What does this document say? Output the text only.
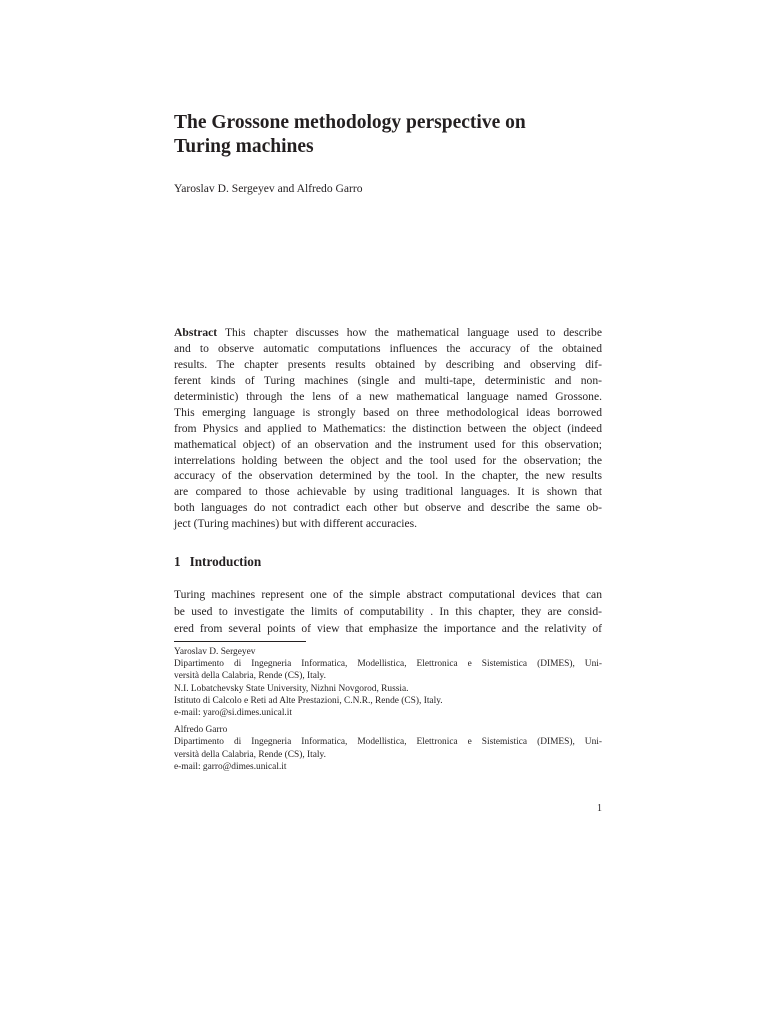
The Grossone methodology perspective on
Turing machines
Yaroslav D. Sergeyev and Alfredo Garro
Abstract This chapter discusses how the mathematical language used to describe
and to observe automatic computations influences the accuracy of the obtained
results. The chapter presents results obtained by describing and observing dif-
ferent kinds of Turing machines (single and multi-tape, deterministic and non-
deterministic) through the lens of a new mathematical language named Grossone.
This emerging language is strongly based on three methodological ideas borrowed
from Physics and applied to Mathematics: the distinction between the object (indeed
mathematical object) of an observation and the instrument used for this observation;
interrelations holding between the object and the tool used for the observation; the
accuracy of the observation determined by the tool. In the chapter, the new results
are compared to those achievable by using traditional languages. It is shown that
both languages do not contradict each other but observe and describe the same ob-
ject (Turing machines) but with different accuracies.
1 Introduction
Turing machines represent one of the simple abstract computational devices that can
be used to investigate the limits of computability . In this chapter, they are consid-
ered from several points of view that emphasize the importance and the relativity of
Yaroslav D. Sergeyev
Dipartimento di Ingegneria Informatica, Modellistica, Elettronica e Sistemistica (DIMES), Uni-
versità della Calabria, Rende (CS), Italy.
N.I. Lobatchevsky State University, Nizhni Novgorod, Russia.
Istituto di Calcolo e Reti ad Alte Prestazioni, C.N.R., Rende (CS), Italy.
e-mail: yaro@si.dimes.unical.it
Alfredo Garro
Dipartimento di Ingegneria Informatica, Modellistica, Elettronica e Sistemistica (DIMES), Uni-
versità della Calabria, Rende (CS), Italy.
e-mail: garro@dimes.unical.it
1
